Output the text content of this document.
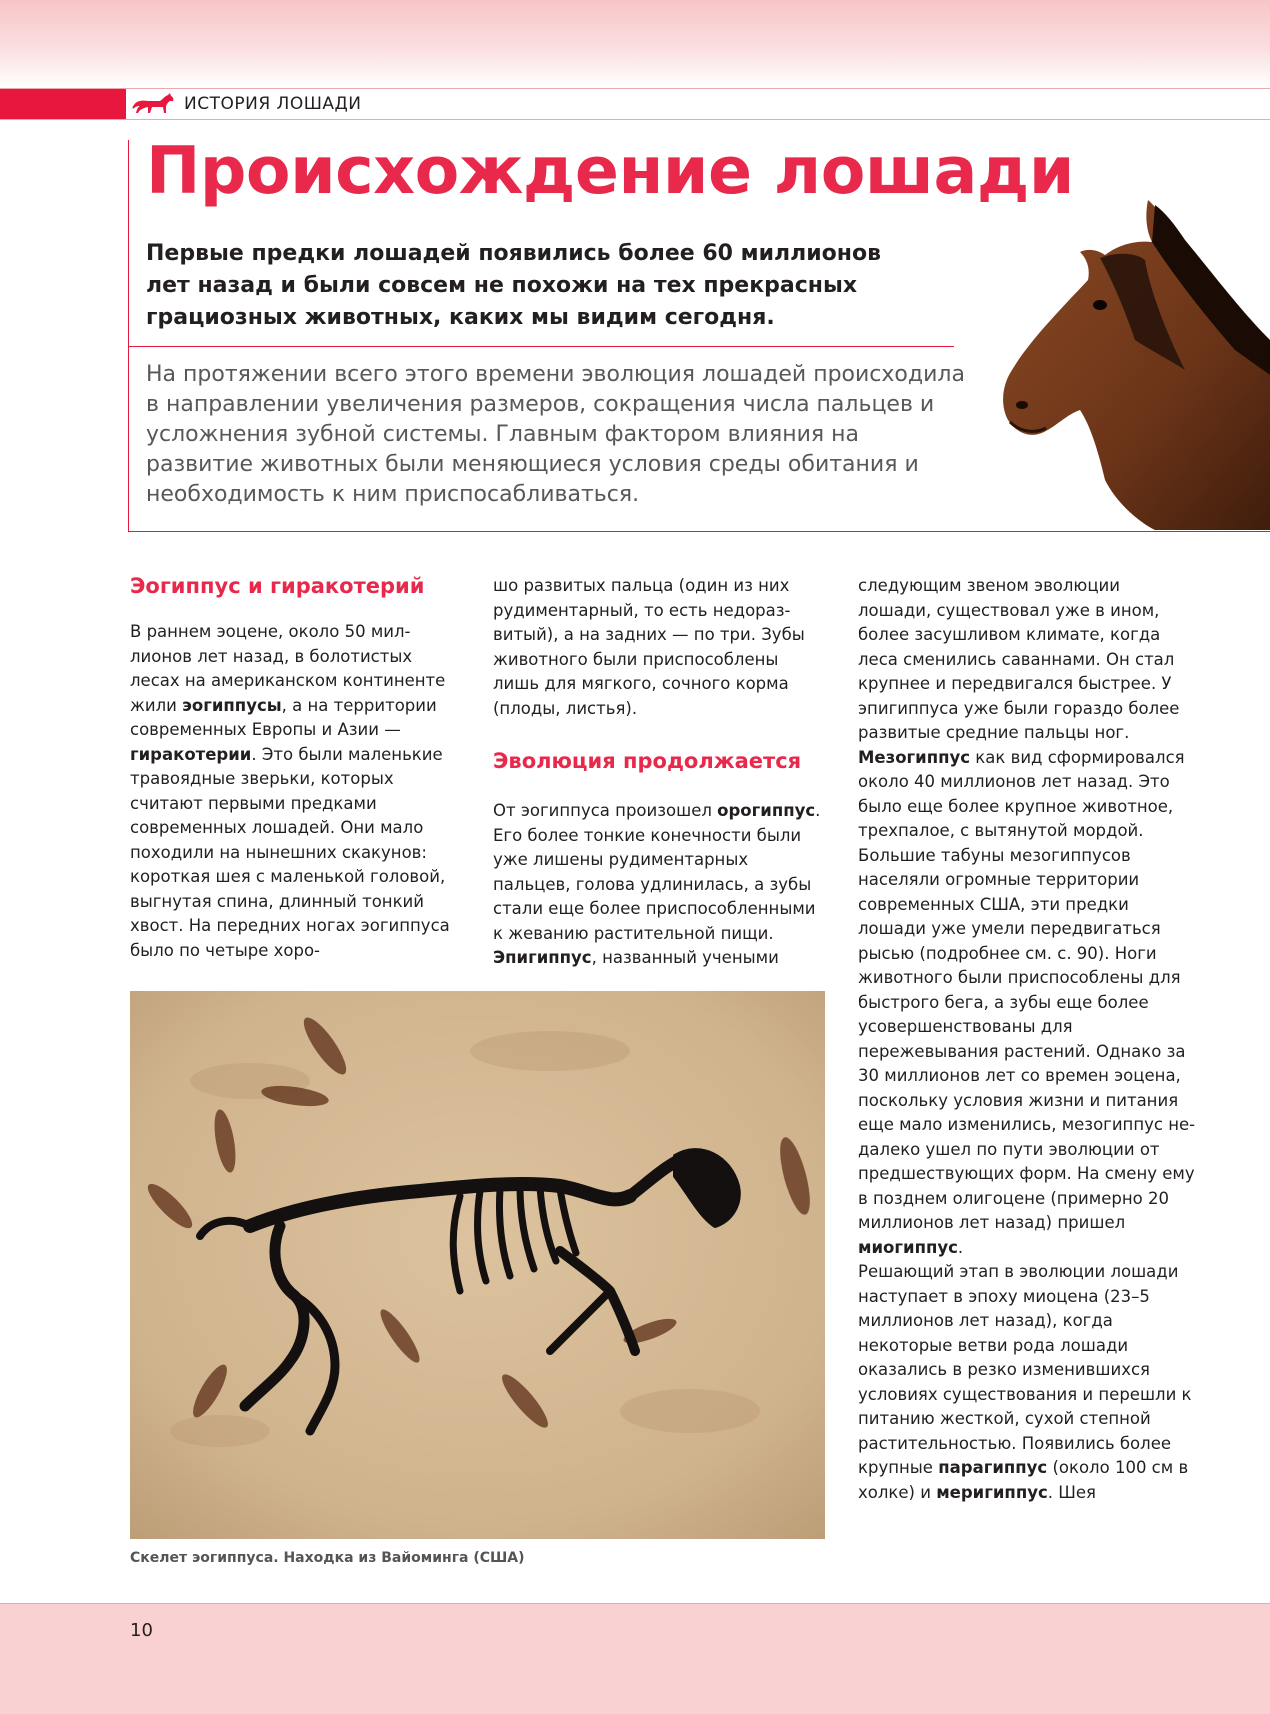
ИСТОРИЯ ЛОШАДИ
Происхождение лошади
Первые предки лошадей появились более 60 миллионов лет назад и были совсем не похожи на тех прекрасных грациозных животных, каких мы видим сегодня.
На протяжении всего этого времени эволюция лошадей происходила в направлении увеличения размеров, сокращения числа пальцев и усложнения зубной системы. Главным фактором влияния на развитие животных были меняющиеся условия среды обитания и необходимость к ним приспосабливаться.
Эогиппус и гиракотерий

В раннем эоцене, около 50 миллионов лет назад, в болотистых лесах на американском континенте жили эогиппусы, а на территории современных Европы и Азии — гиракотерии. Это были маленькие травоядные зверьки, которых считают первыми предками современных лошадей. Они мало походили на нынешних скакунов: короткая шея с маленькой головой, выгнутая спина, длинный тонкий хвост. На передних ногах эогиппуса было по четыре хоро-

шо развитых пальца (один из них рудиментарный, то есть недоразвитый), а на задних — по три. Зубы животного были приспособлены лишь для мягкого, сочного корма (плоды, листья).

Эволюция продолжается

От эогиппуса произошел орогиппус. Его более тонкие конечности были уже лишены рудиментарных пальцев, голова удлинилась, а зубы стали еще более приспособленными к жеванию растительной пищи. Эпигиппус, названный учеными

следующим звеном эволюции лошади, существовал уже в ином, более засушливом климате, когда леса сменились саваннами. Он стал крупнее и передвигался быстрее. У эпигиппуса уже были гораздо более развитые средние пальцы ног.

Мезогиппус как вид сформировался около 40 миллионов лет назад. Это было еще более крупное животное, трехпалое, с вытянутой мордой. Большие табуны мезогиппусов населяли огромные территории современных США, эти предки лошади уже умели передвигаться рысью (подробнее см. с. 90). Ноги животного были приспособлены для быстрого бега, а зубы еще более усовершенствованы для пережевывания растений. Однако за 30 миллионов лет со времен эоцена, поскольку условия жизни и питания еще мало изменились, мезогиппус недалеко ушел по пути эволюции от предшествующих форм. На смену ему в позднем олигоцене (примерно 20 миллионов лет назад) пришел миогиппус.

Решающий этап в эволюции лошади наступает в эпоху миоцена (23–5 миллионов лет назад), когда некоторые ветви рода лошади оказались в резко изменившихся условиях существования и перешли к питанию жесткой, сухой степной растительностью. Появились более крупные парагиппус (около 100 см в холке) и меригиппус. Шея

Скелет эогиппуса. Находка из Вайоминга (США)
10
